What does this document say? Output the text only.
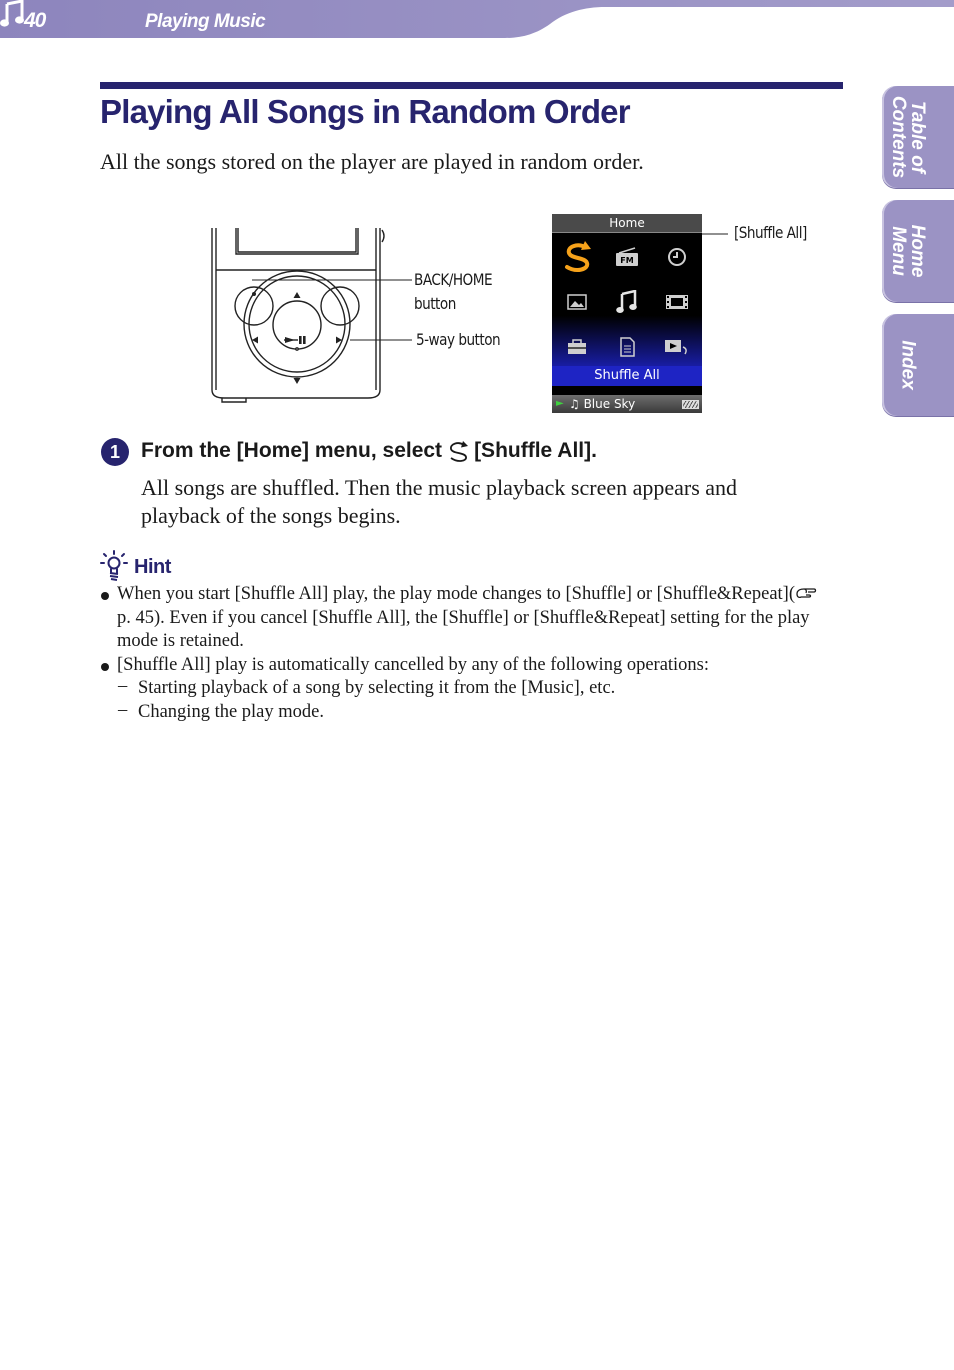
40	Playing Music
Table of
Contents
Home
Menu
Index
Playing All Songs in Random Order

All the songs stored on the player are played in random order.

BACK/HOME
button
5-way button
[Shuffle All]
Home
FM
Shuffle All
► ♫ Blue Sky
1	From the [Home] menu, select [Shuffle All].

All songs are shuffled. Then the music playback screen appears and playback of the songs begins.

Hint
When you start [Shuffle All] play, the play mode changes to [Shuffle] or [Shuffle&Repeat]( p. 45). Even if you cancel [Shuffle All], the [Shuffle] or [Shuffle&Repeat] setting for the play mode is retained.
[Shuffle All] play is automatically cancelled by any of the following operations:
– Starting playback of a song by selecting it from the [Music], etc.
– Changing the play mode.
